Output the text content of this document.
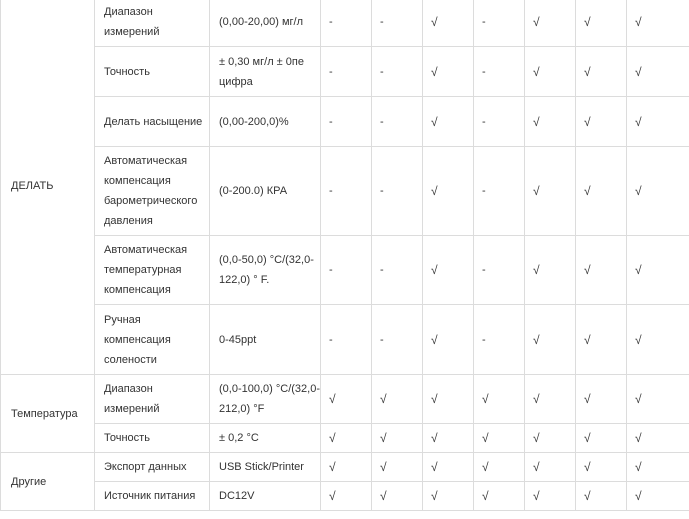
ДЕЛАТЬ	Диапазон измерений	(0,00-20,00) мг/л	-	-	√	-	√	√	√
	Точность	± 0,30 мг/л ± 0пе цифра	-	-	√	-	√	√	√
	Делать насыщение	(0,00-200,0)%	-	-	√	-	√	√	√
	Автоматическая компенсация барометрического давления	(0-200.0) КРА	-	-	√	-	√	√	√
	Автоматическая температурная компенсация	(0,0-50,0) °С/(32,0-122,0) ° F.	-	-	√	-	√	√	√
	Ручная компенсация солености	0-45ppt	-	-	√	-	√	√	√
Температура	Диапазон измерений	(0,0-100,0) °С/(32,0-212,0) °F	√	√	√	√	√	√	√
	Точность	± 0,2 °С	√	√	√	√	√	√	√
Другие	Экспорт данных	USB Stick/Printer	√	√	√	√	√	√	√
	Источник питания	DC12V	√	√	√	√	√	√	√
